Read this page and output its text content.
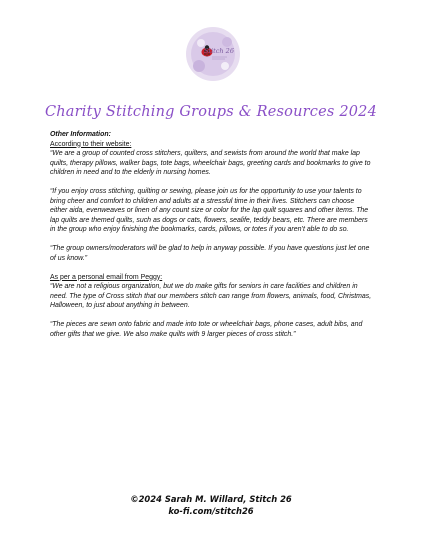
Stitch 26
Charity Stitching Groups & Resources 2024

Other Information:

According to their website:

“We are a group of counted cross stitchers, quilters, and sewists from around the world that make lap quilts, therapy pillows, walker bags, tote bags, wheelchair bags, greeting cards and bookmarks to give to children in need and to the elderly in nursing homes.

“If you enjoy cross stitching, quilting or sewing, please join us for the opportunity to use your talents to bring cheer and comfort to children and adults at a stressful time in their lives. Stitchers can choose either aida, evenweaves or linen of any count size or color for the lap quilt squares and other items. The lap quilts are themed quilts, such as dogs or cats, flowers, sealife, teddy bears, etc. There are members in the group who enjoy finishing the bookmarks, cards, pillows, or totes if you aren’t able to do so.

“The group owners/moderators will be glad to help in anyway possible. If you have questions just let one of us know.”

As per a personal email from Peggy:

“We are not a religious organization, but we do make gifts for seniors in care facilities and children in need. The type of Cross stitch that our members stitch can range from flowers, animals, food, Christmas, Halloween, to just about anything in between.

“The pieces are sewn onto fabric and made into tote or wheelchair bags, phone cases, adult bibs, and other gifts that we give. We also make quilts with 9 larger pieces of cross stitch.”

©2024 Sarah M. Willard, Stitch 26
ko-fi.com/stitch26
